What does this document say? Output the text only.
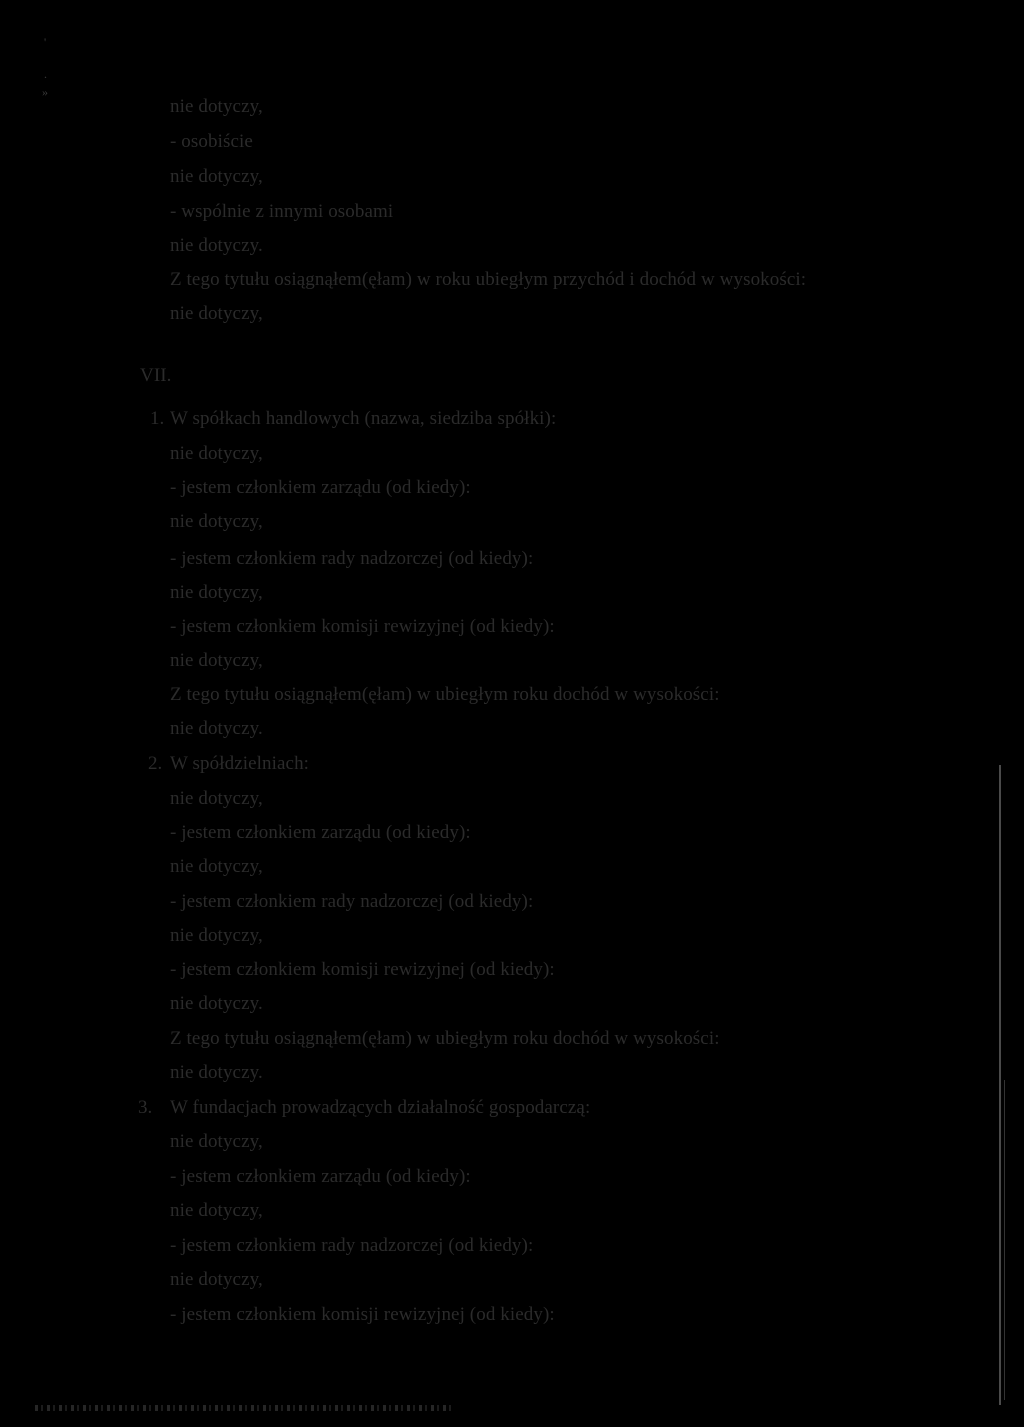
'
.
»
nie dotyczy,
- osobiście
nie dotyczy,
- wspólnie z innymi osobami
nie dotyczy.
Z tego tytułu osiągnąłem(ęłam) w roku ubiegłym przychód i dochód w wysokości:
nie dotyczy,
VII.
1. W spółkach handlowych (nazwa, siedziba spółki):
nie dotyczy,
- jestem członkiem zarządu (od kiedy):
nie dotyczy,
- jestem członkiem rady nadzorczej (od kiedy):
nie dotyczy,
- jestem członkiem komisji rewizyjnej (od kiedy):
nie dotyczy,
Z tego tytułu osiągnąłem(ęłam) w ubiegłym roku dochód w wysokości:
nie dotyczy.
2. W spółdzielniach:
nie dotyczy,
- jestem członkiem zarządu (od kiedy):
nie dotyczy,
- jestem członkiem rady nadzorczej (od kiedy):
nie dotyczy,
- jestem członkiem komisji rewizyjnej (od kiedy):
nie dotyczy.
Z tego tytułu osiągnąłem(ęłam) w ubiegłym roku dochód w wysokości:
nie dotyczy.
3. W fundacjach prowadzących działalność gospodarczą:
nie dotyczy,
- jestem członkiem zarządu (od kiedy):
nie dotyczy,
- jestem członkiem rady nadzorczej (od kiedy):
nie dotyczy,
- jestem członkiem komisji rewizyjnej (od kiedy):
